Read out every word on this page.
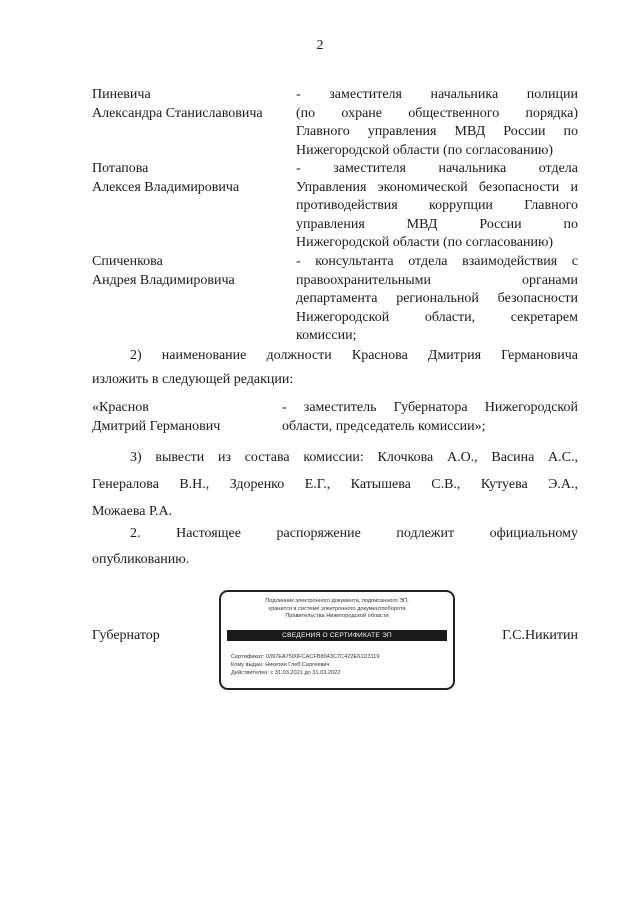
2
Пиневича
Александра Станиславовича
- заместителя начальника полиции
(по охране общественного порядка)
Главного управления МВД России по
Нижегородской области (по согласованию)
Потапова
Алексея Владимировича
- заместителя начальника отдела
Управления экономической безопасности и
противодействия коррупции Главного
управления МВД России по
Нижегородской области (по согласованию)
Спиченкова
Андрея Владимировича
- консультанта отдела взаимодействия с
правоохранительными органами
департамента региональной безопасности
Нижегородской области, секретарем
комиссии;
2) наименование должности Краснова Дмитрия Германовича
изложить в следующей редакции:
«Краснов
Дмитрий Германович
- заместитель Губернатора Нижегородской
области, председатель комиссии»;
3) вывести из состава комиссии: Клочкова А.О., Васина А.С.,
Генералова В.Н., Здоренко Е.Г., Катышева С.В., Кутуева Э.А.,
Можаева Р.А.
2. Настоящее распоряжение подлежит официальному
опубликованию.
Губернатор	Г.С.Никитин
Подлинник электронного документа, подписанного ЭП,
хранится в системе электронного документооборота
Правительства Нижегородской области
СВЕДЕНИЯ О СЕРТИФИКАТЕ ЭП
Сертификат: 0397EA7500FCACFB8043C7C422E61D3119
Кому выдан: Никитин Глеб Сергеевич
Действителен: с 31.03.2021 до 31.03.2022
